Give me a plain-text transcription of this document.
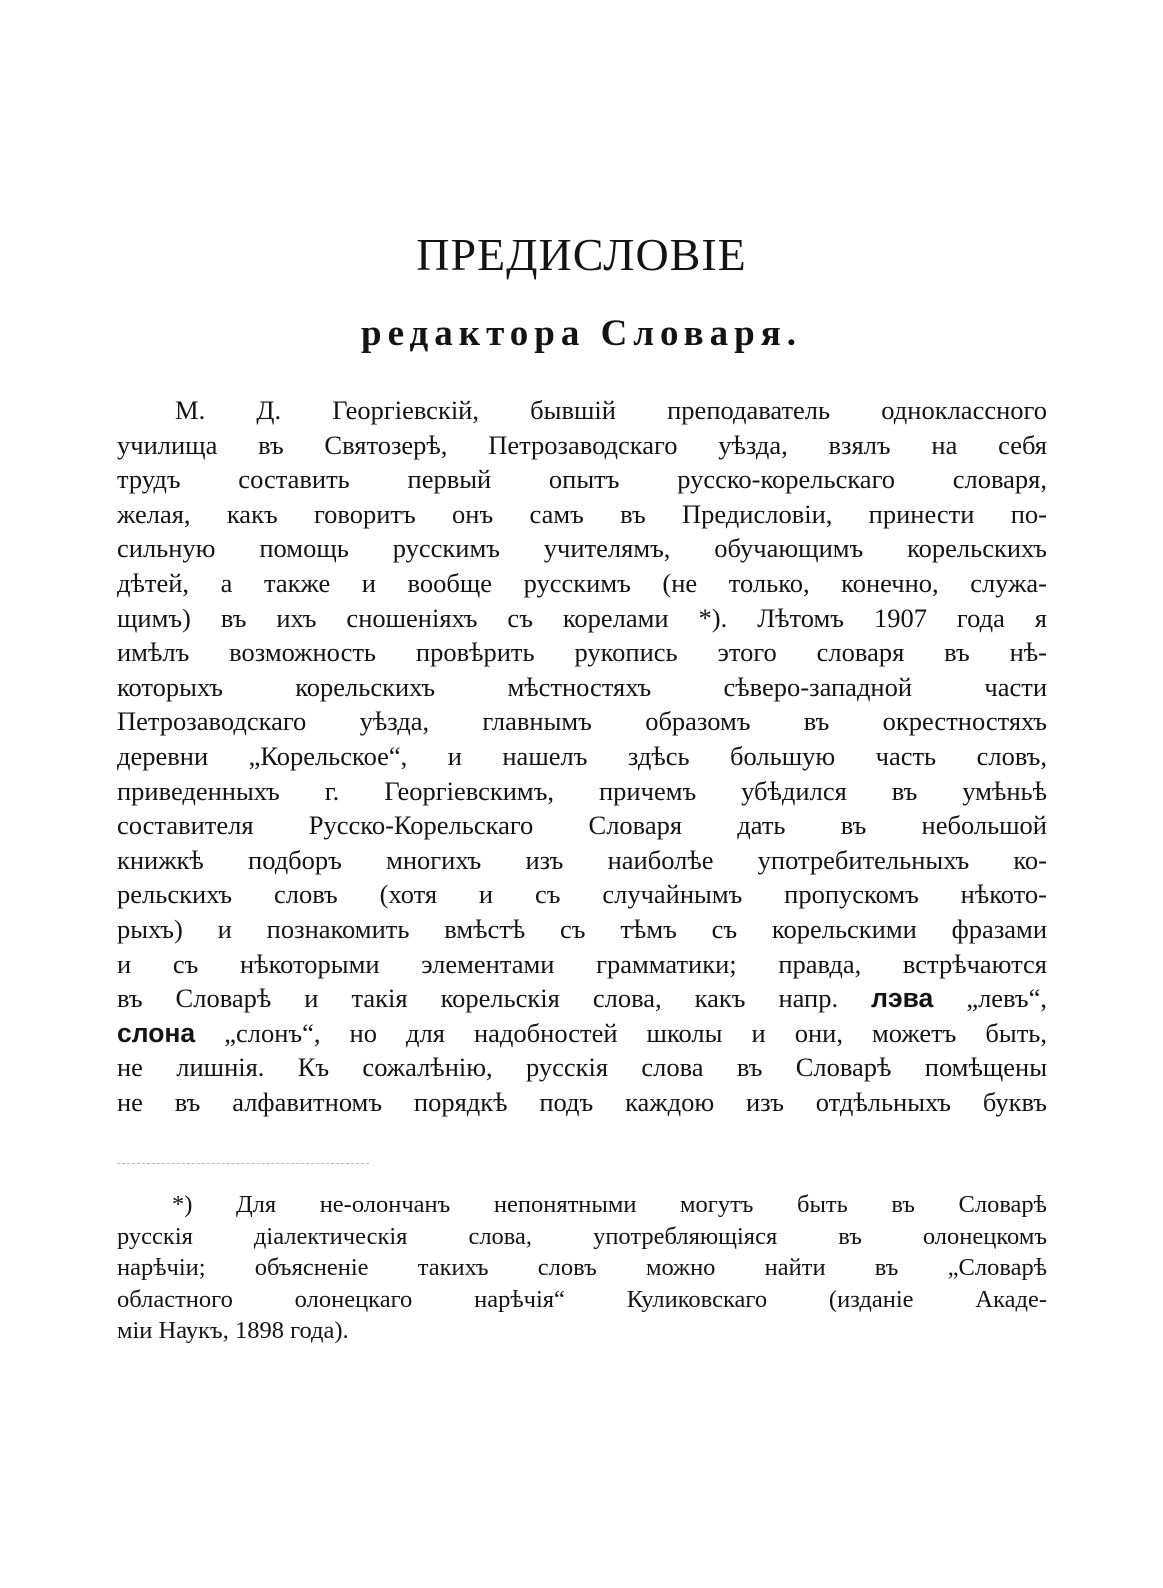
ПРЕДИСЛОВІЕ
редактора Словаря.
М. Д. Георгіевскій, бывшій преподаватель одноклассного
училища въ Святозерѣ, Петрозаводскаго уѣзда, взялъ на себя
трудъ составить первый опытъ русско-корельскаго словаря,
желая, какъ говоритъ онъ самъ въ Предисловіи, принести по-
сильную помощь русскимъ учителямъ, обучающимъ корельскихъ
дѣтей, а также и вообще русскимъ (не только, конечно, служа-
щимъ) въ ихъ сношеніяхъ съ корелами *). Лѣтомъ 1907 года я
имѣлъ возможность провѣрить рукопись этого словаря въ нѣ-
которыхъ корельскихъ мѣстностяхъ сѣверо-западной части
Петрозаводскаго уѣзда, главнымъ образомъ въ окрестностяхъ
деревни „Корельское“, и нашелъ здѣсь большую часть словъ,
приведенныхъ г. Георгіевскимъ, причемъ убѣдился въ умѣньѣ
составителя Русско-Корельскаго Словаря дать въ небольшой
книжкѣ подборъ многихъ изъ наиболѣе употребительныхъ ко-
рельскихъ словъ (хотя и съ случайнымъ пропускомъ нѣкото-
рыхъ) и познакомить вмѣстѣ съ тѣмъ съ корельскими фразами
и съ нѣкоторыми элементами грамматики; правда, встрѣчаются
въ Словарѣ и такія корельскія слова, какъ напр. лэва „левъ“,
слона „слонъ“, но для надобностей школы и они, можетъ быть,
не лишнія. Къ сожалѣнію, русскія слова въ Словарѣ помѣщены
не въ алфавитномъ порядкѣ подъ каждою изъ отдѣльныхъ буквъ
*) Для не-олончанъ непонятными могутъ быть въ Словарѣ
русскія діалектическія слова, употребляющіяся въ олонецкомъ
нарѣчіи; объясненіе такихъ словъ можно найти въ „Словарѣ
областного олонецкаго нарѣчія“ Куликовскаго (изданіе Акаде-
міи Наукъ, 1898 года).
